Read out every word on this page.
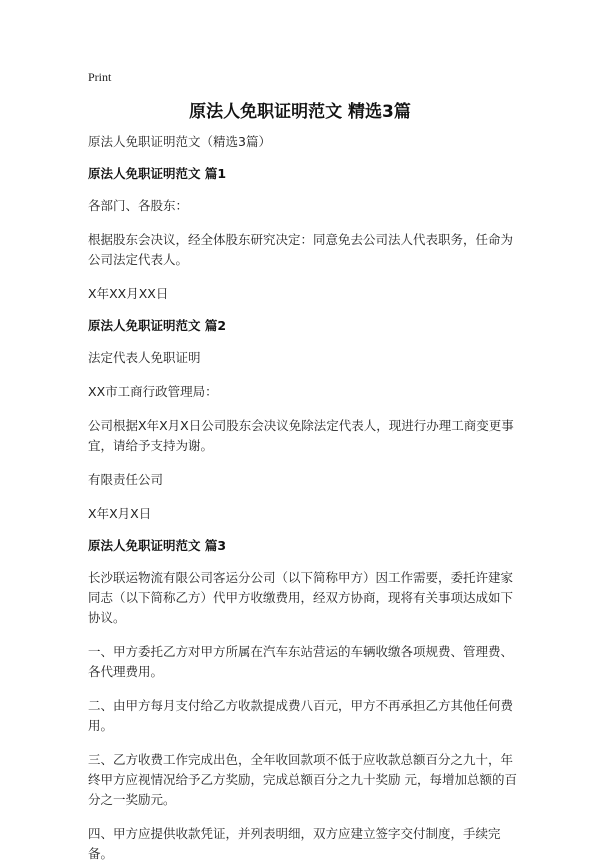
Print
原法人免职证明范文 精选3篇

原法人免职证明范文（精选3篇）

原法人免职证明范文 篇1

各部门、各股东：

根据股东会决议，经全体股东研究决定：同意免去公司法人代表职务，任命为公司法定代表人。

X年XX月XX日

原法人免职证明范文 篇2

法定代表人免职证明

XX市工商行政管理局：

公司根据X年X月X日公司股东会决议免除法定代表人，现进行办理工商变更事宜，请给予支持为谢。

有限责任公司

X年X月X日

原法人免职证明范文 篇3

长沙联运物流有限公司客运分公司（以下简称甲方）因工作需要，委托许建家同志（以下简称乙方）代甲方收缴费用，经双方协商，现将有关事项达成如下协议。

一、甲方委托乙方对甲方所属在汽车东站营运的车辆收缴各项规费、管理费、各代理费用。

二、由甲方每月支付给乙方收款提成费八百元，甲方不再承担乙方其他任何费用。

三、乙方收费工作完成出色，全年收回款项不低于应收款总额百分之九十，年终甲方应视情况给予乙方奖励，完成总额百分之九十奖励 元，每增加总额的百分之一奖励元。

四、甲方应提供收款凭证，并列表明细，双方应建立签字交付制度，手续完备。
